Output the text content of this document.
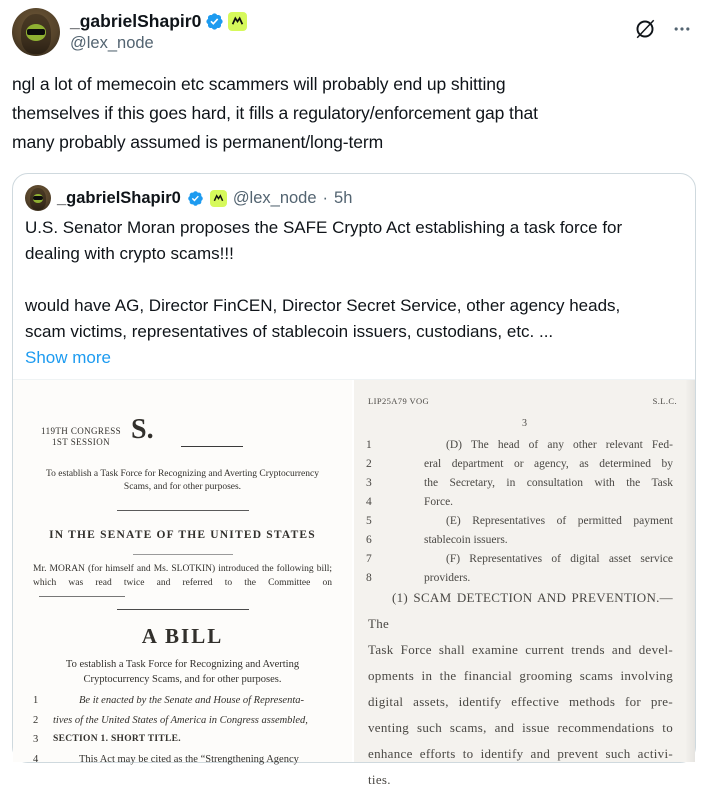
_gabrielShapir0
@lex_node
ngl a lot of memecoin etc scammers will probably end up shitting
themselves if this goes hard, it fills a regulatory/enforcement gap that
many probably assumed is permanent/long-term
_gabrielShapir0	@lex_node · 5h
U.S. Senator Moran proposes the SAFE Crypto Act establishing a task force for
dealing with crypto scams!!!
would have AG, Director FinCEN, Director Secret Service, other agency heads,
scam victims, representatives of stablecoin issuers, custodians, etc. ...
Show more
119TH CONGRESS
1ST SESSION S.
To establish a Task Force for Recognizing and Averting Cryptocurrency
Scams, and for other purposes.
IN THE SENATE OF THE UNITED STATES
Mr. MORAN (for himself and Ms. SLOTKIN) introduced the following bill;
which was read twice and referred to the Committee on
A BILL
To establish a Task Force for Recognizing and Averting
Cryptocurrency Scams, and for other purposes.
1	Be it enacted by the Senate and House of Representa-
2	tives of the United States of America in Congress assembled,
3	SECTION 1. SHORT TITLE.
4	This Act may be cited as the “Strengthening Agency
LIP25A79 VOG	S.L.C.
3
1	(D) The head of any other relevant Fed-
2	eral department or agency, as determined by
3	the Secretary, in consultation with the Task
4	Force.
5	(E) Representatives of permitted payment
6	stablecoin issuers.
7	(F) Representatives of digital asset service
8	providers.
(1) SCAM DETECTION AND PREVENTION.—The
Task Force shall examine current trends and devel-
opments in the financial grooming scams involving
digital assets, identify effective methods for pre-
venting such scams, and issue recommendations to
enhance efforts to identify and prevent such activi-
ties.
